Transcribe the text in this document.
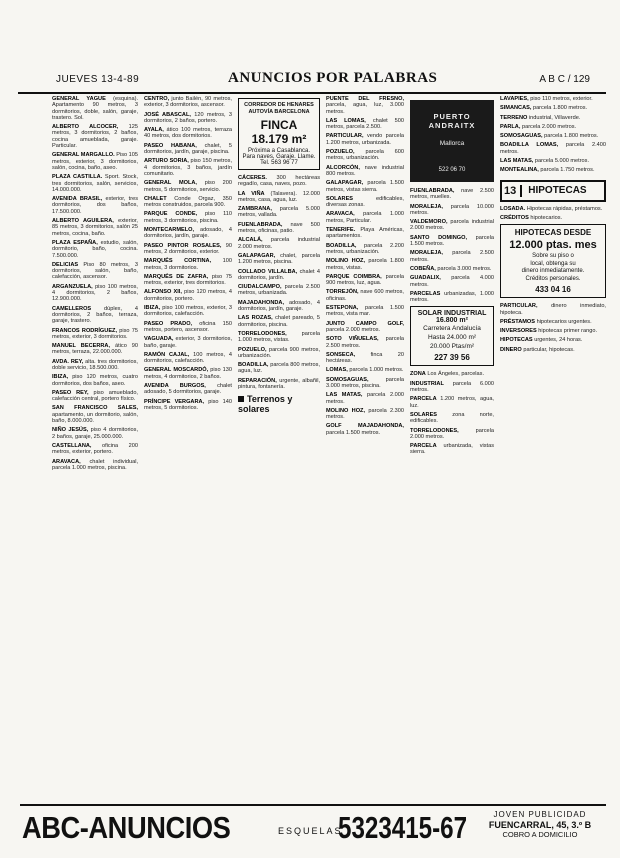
JUEVES 13-4-89	ANUNCIOS POR PALABRAS	A B C / 129

GENERAL YAGÜE (esquina). Apartamento 90 metros, 3 dormitorios, doble, salón, garaje, trastero. Sol.

ALBERTO ALCOCER, 125 metros, 3 dormitorios, 2 baños, cocina amueblada, garaje. Particular.

GENERAL MARGALLO. Piso 105 metros, exterior, 3 dormitorios, salón, cocina, baño, aseo.

PLAZA CASTILLA. Sport. Stock, tres dormitorios, salón, servicios, 14.000.000.

AVENIDA BRASIL, exterior, tres dormitorios, dos baños, 17.500.000.

ALBERTO AGUILERA, exterior, 85 metros, 3 dormitorios, salón 25 metros, cocina, baño.

PLAZA ESPAÑA, estudio, salón, dormitorio, baño, cocina. 7.500.000.

DELICIAS Piso 80 metros, 3 dormitorios, salón, baño, calefacción, ascensor.

ARGANZUELA, piso 100 metros, 4 dormitorios, 2 baños, 12.900.000.

CAMELLEROS dúplex, 4 dormitorios, 2 baños, terraza, garaje, trastero.

FRANCOS RODRÍGUEZ, piso 75 metros, exterior, 3 dormitorios.

MANUEL BECERRA, ático 90 metros, terraza, 22.000.000.

AVDA. REY, alta. tres dormitorios, doble servicio, 18.500.000.

IBIZA, piso 120 metros, cuatro dormitorios, dos baños, aseo.

PASEO REY, piso amueblado, calefacción central, portero físico.

SAN FRANCISCO SALES, apartamento, un dormitorio, salón, baño, 8.000.000.

NIÑO JESÚS, piso 4 dormitorios, 2 baños, garaje, 25.000.000.

CASTELLANA, oficina 200 metros, exterior, portero.

ARAVACA, chalet individual, parcela 1.000 metros, piscina.

CENTRO, junto Bailén, 90 metros, exterior, 3 dormitorios, ascensor.

JOSÉ ABASCAL, 120 metros, 3 dormitorios, 2 baños, portero.

AYALA, ático 100 metros, terraza 40 metros, dos dormitorios.

PASEO HABANA, chalet, 5 dormitorios, jardín, garaje, piscina.

ARTURO SORIA, piso 150 metros, 4 dormitorios, 3 baños, jardín comunitario.

GENERAL MOLA, piso 200 metros, 5 dormitorios, servicio.

CHALET Conde Orgaz, 350 metros construidos, parcela 900.

PARQUE CONDE, piso 110 metros, 3 dormitorios, piscina.

MONTECARMELO, adosado, 4 dormitorios, jardín, garaje.

PASEO PINTOR ROSALES, 90 metros, 2 dormitorios, exterior.

MARQUÉS CORTINA, 100 metros, 3 dormitorios.

MARQUÉS DE ZAFRA, piso 75 metros, exterior, tres dormitorios.

ALFONSO XII, piso 120 metros, 4 dormitorios, portero.

IBIZA, piso 100 metros, exterior, 3 dormitorios, calefacción.

PASEO PRADO, oficina 150 metros, portero, ascensor.

VAGUADA, exterior, 3 dormitorios, baño, garaje.

RAMÓN CAJAL, 100 metros, 4 dormitorios, calefacción.

GENERAL MOSCARDÓ, piso 130 metros, 4 dormitorios, 2 baños.

AVENIDA BURGOS, chalet adosado, 5 dormitorios, garaje.

PRÍNCIPE VERGARA, piso 140 metros, 5 dormitorios.

CORREDOR DE HENARES
AUTOVÍA BARCELONA
FINCA 18.179 m²
Próxima a Casablanca. Para naves, Garaje. Llame.
Tel. 563 96 77

CÁCERES. 300 hectáreas regadío, casa, naves, pozo.

LA VIÑA (Talavera). 12.000 metros, casa, agua, luz.

ZAMBRANA, parcela 5.000 metros, vallada.

FUENLABRADA, nave 500 metros, oficinas, patio.

ALCALÁ, parcela industrial 2.000 metros.

GALAPAGAR, chalet, parcela 1.200 metros, piscina.

COLLADO VILLALBA, chalet 4 dormitorios, jardín.

CIUDALCAMPO, parcela 2.500 metros, urbanizada.

MAJADAHONDA, adosado, 4 dormitorios, jardín, garaje.

LAS ROZAS, chalet pareado, 5 dormitorios, piscina.

TORRELODONES,	parcela 1.000 metros, vistas.

POZUELO, parcela 900 metros, urbanización.

BOADILLA, parcela 800 metros, agua, luz.

REPARACIÓN, urgente, albañil, pintura, fontanería.

Terrenos y solares

PUENTE DEL FRESNO, parcela, agua, luz, 3.000 metros.

LAS LOMAS, chalet 500 metros, parcela 2.500.

PARTICULAR, vendo parcela 1.200 metros, urbanizada.

POZUELO, parcela 600 metros, urbanización.

ALCORCÓN, nave industrial 800 metros.

GALAPAGAR, parcela 1.500 metros, vistas sierra.

SOLARES	edificables, diversas zonas.

ARAVACA, parcela 1.000 metros, Particular.

TENERIFE. Playa Américas, apartamentos.

BOADILLA, parcela 2.200 metros, urbanización.

MOLINO HOZ, parcela 1.800 metros, vistas.

PARQUE COIMBRA, parcela 900 metros, luz, agua.

TORREJÓN, nave 600 metros, oficinas.

ESTEPONA, parcela 1.500 metros, vista mar.

JUNTO CAMPO GOLF, parcela 2.000 metros.

SOTO VIÑUELAS, parcela 2.500 metros.

SONSECA,	finca 20 hectáreas.

LOMAS, parcela 1.000 metros.

SOMOSAGUAS,	parcela 3.000 metros, piscina.

LAS MATAS, parcela 2.000 metros.

MOLINO HOZ, parcela 2.300 metros.

GOLF MAJADAHONDA, parcela 1.500 metros.

PUERTO ANDRAITX
Mallorca
522 06 70

FUENLABRADA, nave 2.500 metros, muelles.

MORALEJA, parcela 10.000 metros.

VALDEMORO, parcela industrial 2.000 metros.

SANTO DOMINGO, parcela 1.500 metros.

MORALEJA, parcela 2.500 metros.

COBEÑA, parcela 3.000 metros.

GUADALIX, parcela 4.000 metros.

PARCELAS urbanizadas, 1.000 metros.

SOLAR INDUSTRIAL
16.800 m²
Carretera Andalucía
Hasta 24.000 m²
20.000 Ptas/m²
227 39 56

ZONA Los Ángeles, parcelas.

INDUSTRIAL parcela 6.000 metros.

PARCELA 1.200 metros, agua, luz.

SOLARES	zona norte, edificables.

TORRELODONES,	parcela 2.000 metros.

PARCELA urbanizada, vistas sierra.

LAVAPIÉS, piso 110 metros, exterior.

SIMANCAS, parcela 1.800 metros.

TERRENO industrial, Villaverde.

PARLA, parcela 2.000 metros.

SOMOSAGUAS, parcela 1.800 metros.

BOADILLA LOMAS, parcela 2.400 metros.

LAS MATAS, parcela 5.000 metros.

MONTEALINA, parcela 1.750 metros.

13	HIPOTECAS

LOSADA. Hipotecas rápidas, préstamos.

CRÉDITOS hipotecarios.

HIPOTECAS DESDE
12.000 ptas. mes
Sobre su piso o
local, obtenga su
dinero inmediatamente.
Créditos personales.
433 04 16

PARTICULAR, dinero inmediato, hipoteca.

PRÉSTAMOS hipotecarios urgentes.

INVERSORES hipotecas primer rango.

HIPOTECAS urgentes, 24 horas.

DINERO particular, hipotecas.

ABC-ANUNCIOS	ESQUELAS
5323415-67	JOVEN PUBLICIDAD
FUENCARRAL, 45, 3.º B
COBRO A DOMICILIO
